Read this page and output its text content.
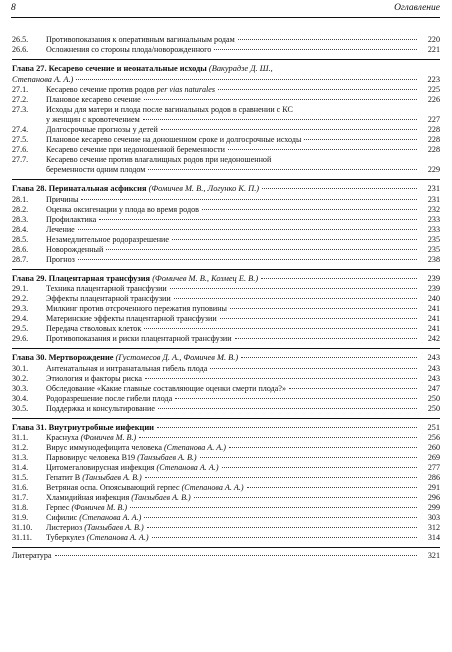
8	Оглавление
26.5.	Противопоказания к оперативным вагинальным родам	220
26.6.	Осложнения со стороны плода/новорожденного	221
Глава 27. Кесарево сечение и неонатальные исходы (Вакурадзе Д. Ш.,
Степанова А. А.)	223
27.1.	Кесарево сечение против родов per vias naturales	225
27.2.	Плановое кесарево сечение	226
27.3.	Исходы для матери и плода после вагинальных родов в сравнении с КС
у женщин с кровотечением	227
27.4.	Долгосрочные прогнозы у детей	228
27.5.	Плановое кесарево сечение на доношенном сроке и долгосрочные исходы	228
27.6.	Кесарево сечение при недоношенной беременности	228
27.7.	Кесарево сечение против влагалищных родов при недоношенной
беременности одним плодом	229
Глава 28. Перинатальная асфиксия (Фомичев М. В., Логунко К. П.)	231
28.1.	Причины	231
28.2.	Оценка оксигенации у плода во время родов	232
28.3.	Профилактика	233
28.4.	Лечение	233
28.5.	Незамедлительное родоразрешение	235
28.6.	Новорожденный	235
28.7.	Прогноз	238
Глава 29. Плацентарная трансфузия (Фомичев М. В., Козмец Е. В.)	239
29.1.	Техника плацентарной трансфузии	239
29.2.	Эффекты плацентарной трансфузии	240
29.3.	Милкинг против отсроченного пережатия пуповины	241
29.4.	Материнские эффекты плацентарной трансфузии	241
29.5.	Передача стволовых клеток	241
29.6.	Противопоказания и риски плацентарной трансфузии	242
Глава 30. Мертворождение (Густомесов Д. А., Фомичев М. В.)	243
30.1.	Антенатальная и интранатальная гибель плода	243
30.2.	Этиология и факторы риска	243
30.3.	Обследование «Какие главные составляющие оценки смерти плода?»	247
30.4.	Родоразрешение после гибели плода	250
30.5.	Поддержка и консультирование	250
Глава 31. Внутриутробные инфекции	251
31.1.	Краснуха (Фомичев М. В.)	256
31.2.	Вирус иммунодефицита человека (Степанова А. А.)	260
31.3.	Парвовирус человека B19 (Танзыбаев А. В.)	269
31.4.	Цитомегаловирусная инфекция (Степанова А. А.)	277
31.5.	Гепатит В (Танзыбаев А. В.)	286
31.6.	Ветряная оспа. Опоясывающий герпес (Степанова А. А.)	291
31.7.	Хламидийная инфекция (Танзыбаев А. В.)	296
31.8.	Герпес (Фомичев М. В.)	299
31.9.	Сифилис (Степанова А. А.)	303
31.10.	Листериоз (Танзыбаев А. В.)	312
31.11.	Туберкулез (Степанова А. А.)	314
Литература	321
